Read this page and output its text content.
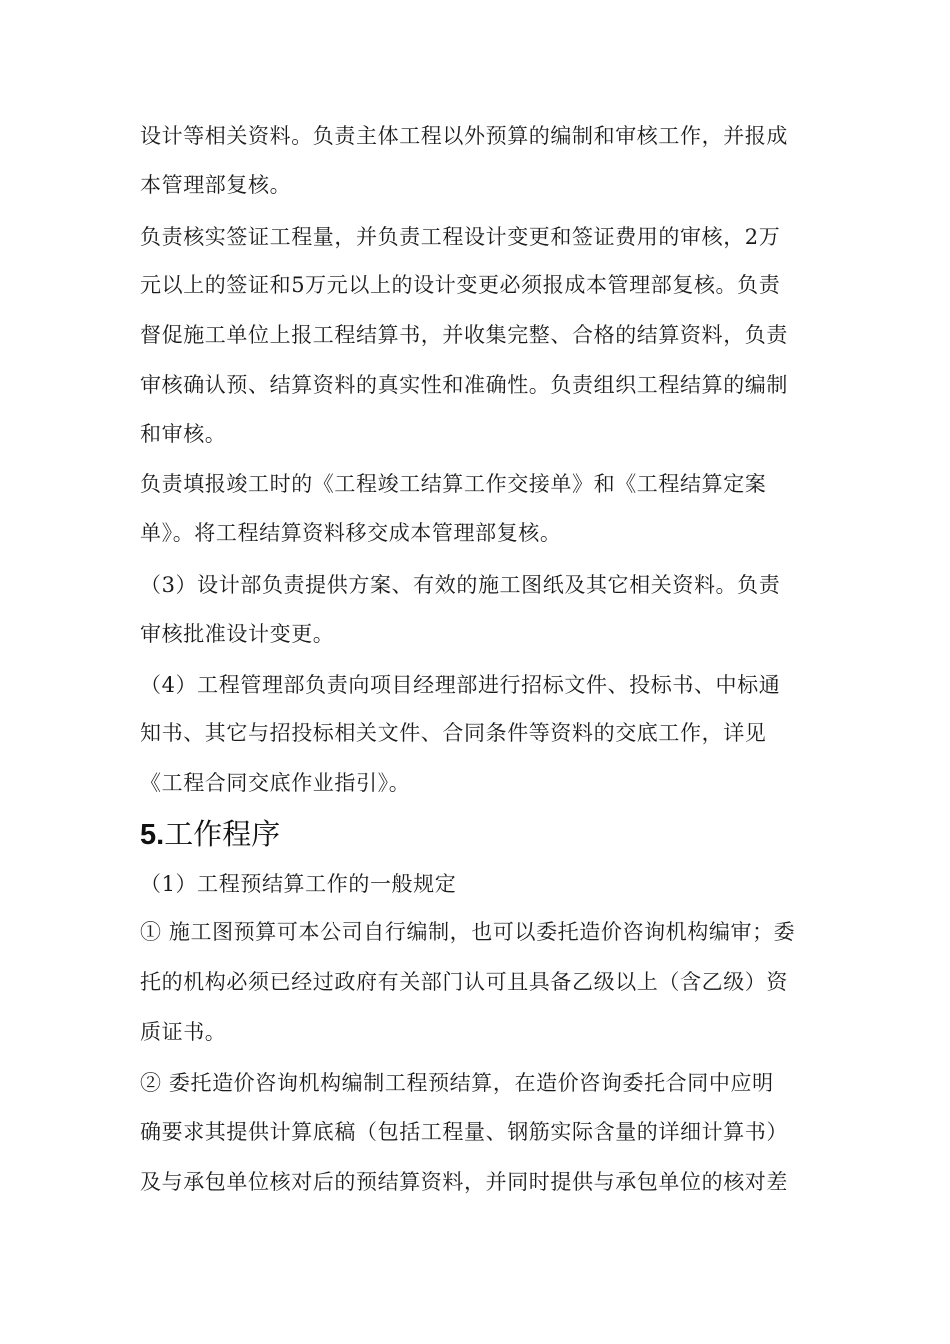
设计等相关资料。负责主体工程以外预算的编制和审核工作，并报成
本管理部复核。
负责核实签证工程量，并负责工程设计变更和签证费用的审核，2万
元以上的签证和5万元以上的设计变更必须报成本管理部复核。负责
督促施工单位上报工程结算书，并收集完整、合格的结算资料，负责
审核确认预、结算资料的真实性和准确性。负责组织工程结算的编制
和审核。
负责填报竣工时的《工程竣工结算工作交接单》和《工程结算定案
单》。将工程结算资料移交成本管理部复核。
（3）设计部负责提供方案、有效的施工图纸及其它相关资料。负责
审核批准设计变更。
（4）工程管理部负责向项目经理部进行招标文件、投标书、中标通
知书、其它与招投标相关文件、合同条件等资料的交底工作，详见
《工程合同交底作业指引》。
5.工作程序
（1）工程预结算工作的一般规定
① 施工图预算可本公司自行编制，也可以委托造价咨询机构编审；委
托的机构必须已经过政府有关部门认可且具备乙级以上（含乙级）资
质证书。
② 委托造价咨询机构编制工程预结算，在造价咨询委托合同中应明
确要求其提供计算底稿（包括工程量、钢筋实际含量的详细计算书）
及与承包单位核对后的预结算资料，并同时提供与承包单位的核对差
